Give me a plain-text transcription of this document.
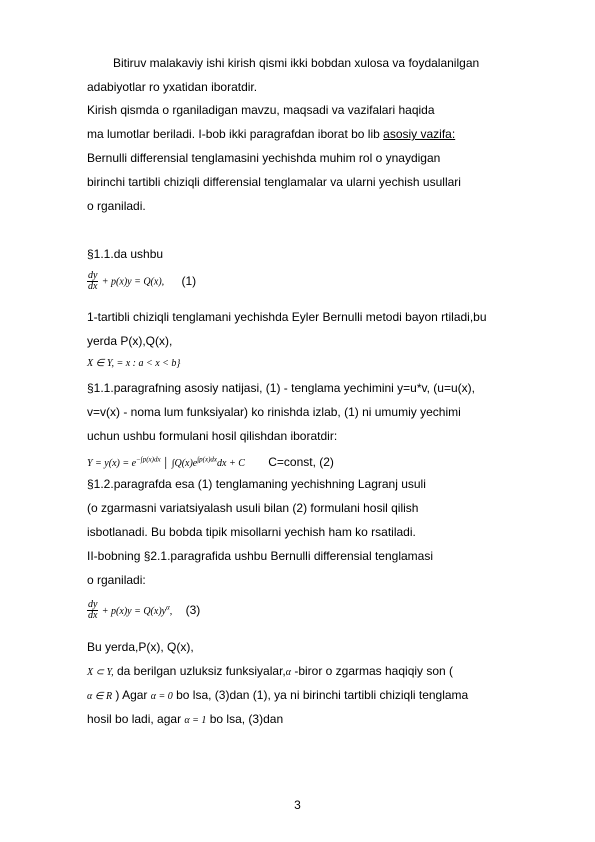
Bitiruv malakaviy ishi kirish qismi ikki bobdan xulosa va foydalanilgan
adabiyotlar ro yxatidan iboratdir.
Kirish qismda o rganiladigan mavzu, maqsadi va vazifalari haqida
ma lumotlar beriladi. I-bob ikki paragrafdan iborat bo lib asosiy vazifa:
Bernulli differensial tenglamasini yechishda muhim rol o ynaydigan
birinchi tartibli chiziqli differensial tenglamalar va ularni yechish usullari
o rganiladi.
§1.1.da ushbu
$\frac{dy}{dx} + p(x)y = Q(x)$, (1)
1-tartibli chiziqli tenglamani yechishda Eyler Bernulli metodi bayon rtiladi,bu
yerda P(x),Q(x),
X ∈ Y, = x : a < x < b}
§1.1.paragrafning asosiy natijasi, (1) - tenglama yechimini y=u*v, (u=u(x),
v=v(x) - noma lum funksiyalar) ko rinishda izlab, (1) ni umumiy yechimi
uchun ushbu formulani hosil qilishdan iboratdir:
$Y = y(x) = e^{-\int p(x)dx}$ │ $\int Q(x)e^{\int p(x)dx}dx + C$ C=const, (2)
§1.2.paragrafda esa (1) tenglamaning yechishning Lagranj usuli
(o zgarmasni variatsiyalash usuli bilan (2) formulani hosil qilish
isbotlanadi. Bu bobda tipik misollarni yechish ham ko rsatiladi.
II-bobning §2.1.paragrafida ushbu Bernulli differensial tenglamasi
o rganiladi:
$\frac{dy}{dx} + p(x)y = Q(x)y^\alpha$, (3)
Bu yerda,P(x), Q(x),
X ⊂ Y, da berilgan uzluksiz funksiyalar,α -biror o zgarmas haqiqiy son (
α ∈ R ) Agar α = 0 bo lsa, (3)dan (1), ya ni birinchi tartibli chiziqli tenglama
hosil bo ladi, agar α = 1 bo lsa, (3)dan
3
